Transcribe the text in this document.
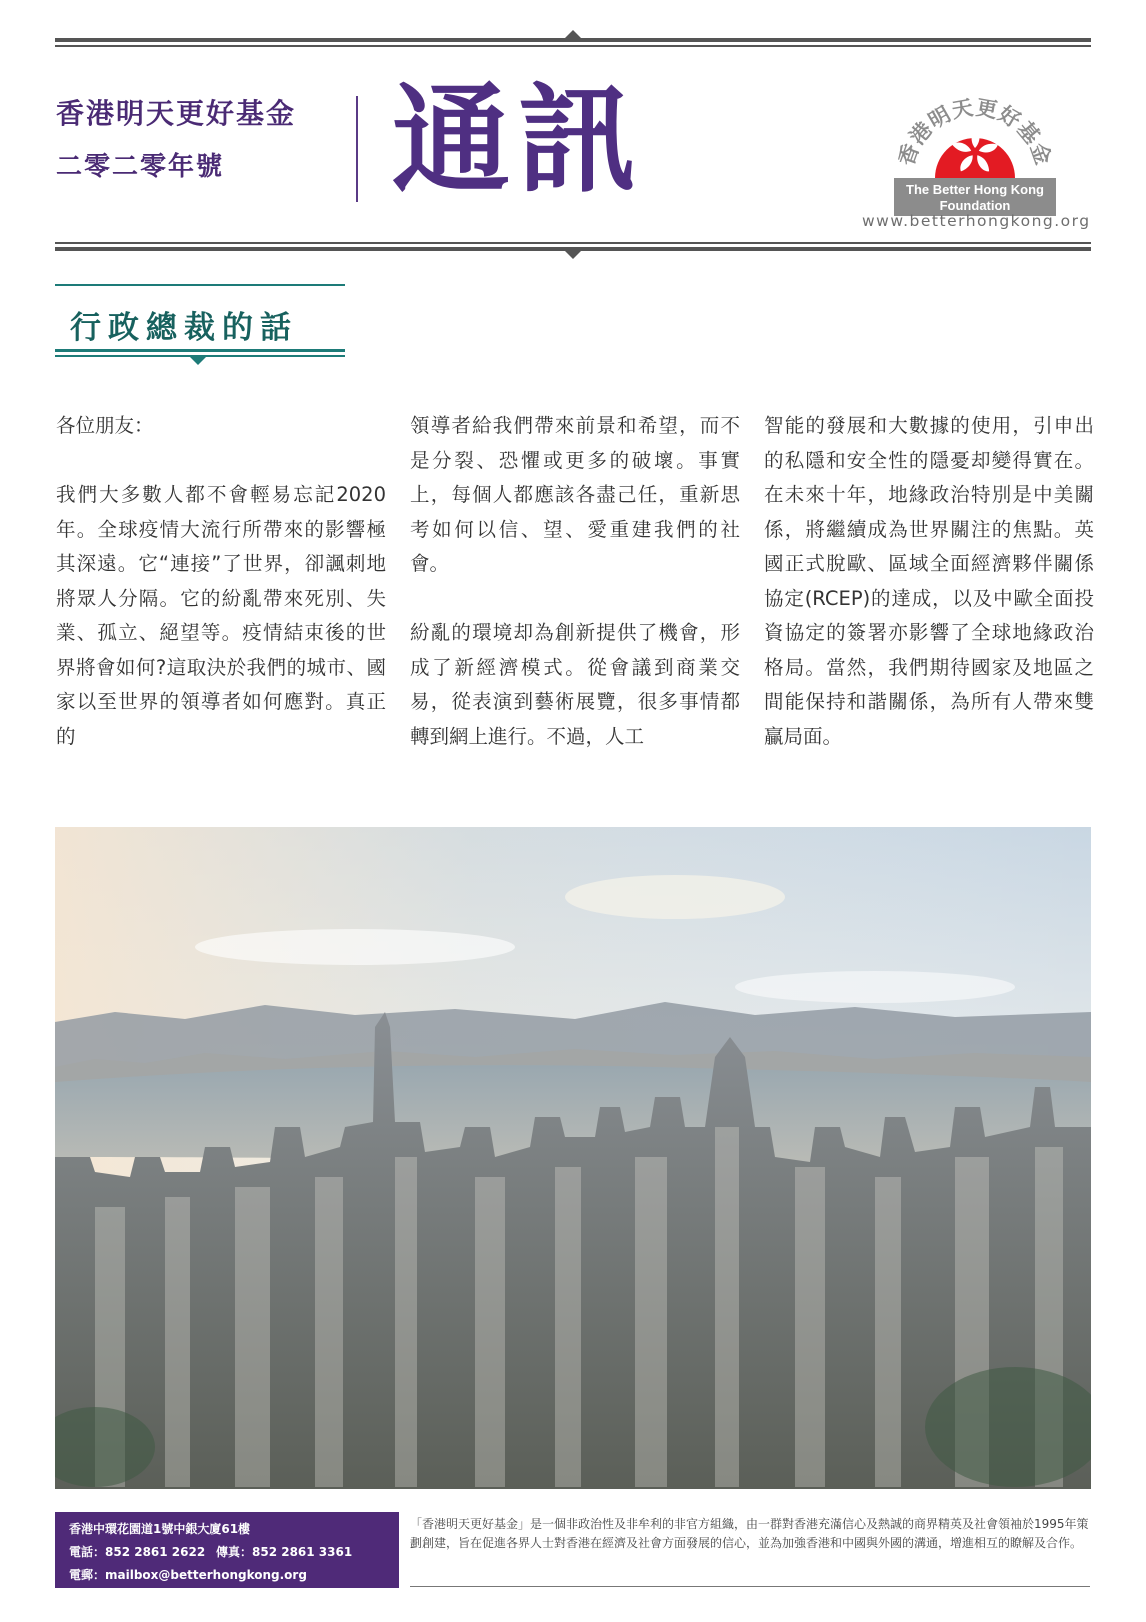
香港明天更好基金
二零二零年號 通訊	香港明天更好基金
The Better Hong Kong
Foundation
www.betterhongkong.org
行政總裁的話

各位朋友：

我們大多數人都不會輕易忘記2020年。全球疫情大流行所帶來的影響極其深遠。它“連接”了世界，卻諷刺地將眾人分隔。它的紛亂帶來死別、失業、孤立、絕望等。疫情結束後的世界將會如何?這取決於我們的城市、國家以至世界的領導者如何應對。真正的

領導者給我們帶來前景和希望，而不是分裂、恐懼或更多的破壞。事實上，每個人都應該各盡己任，重新思考如何以信、望、愛重建我們的社會。

紛亂的環境却為創新提供了機會，形成了新經濟模式。從會議到商業交易，從表演到藝術展覽，很多事情都轉到網上進行。不過，人工

智能的發展和大數據的使用，引申出的私隱和安全性的隱憂却變得實在。在未來十年，地緣政治特別是中美關係，將繼續成為世界關注的焦點。英國正式脫歐、區域全面經濟夥伴關係協定(RCEP)的達成，以及中歐全面投資協定的簽署亦影響了全球地緣政治格局。當然，我們期待國家及地區之間能保持和諧關係，為所有人帶來雙贏局面。

香港中環花園道1號中銀大廈61樓
電話：852 2861 2622 傳真：852 2861 3361
電郵：mailbox@betterhongkong.org
「香港明天更好基金」是一個非政治性及非牟利的非官方組織，由一群對香港充滿信心及熱誠的商界精英及社會領袖於1995年策劃創建，旨在促進各界人士對香港在經濟及社會方面發展的信心，並為加強香港和中國與外國的溝通，增進相互的瞭解及合作。
